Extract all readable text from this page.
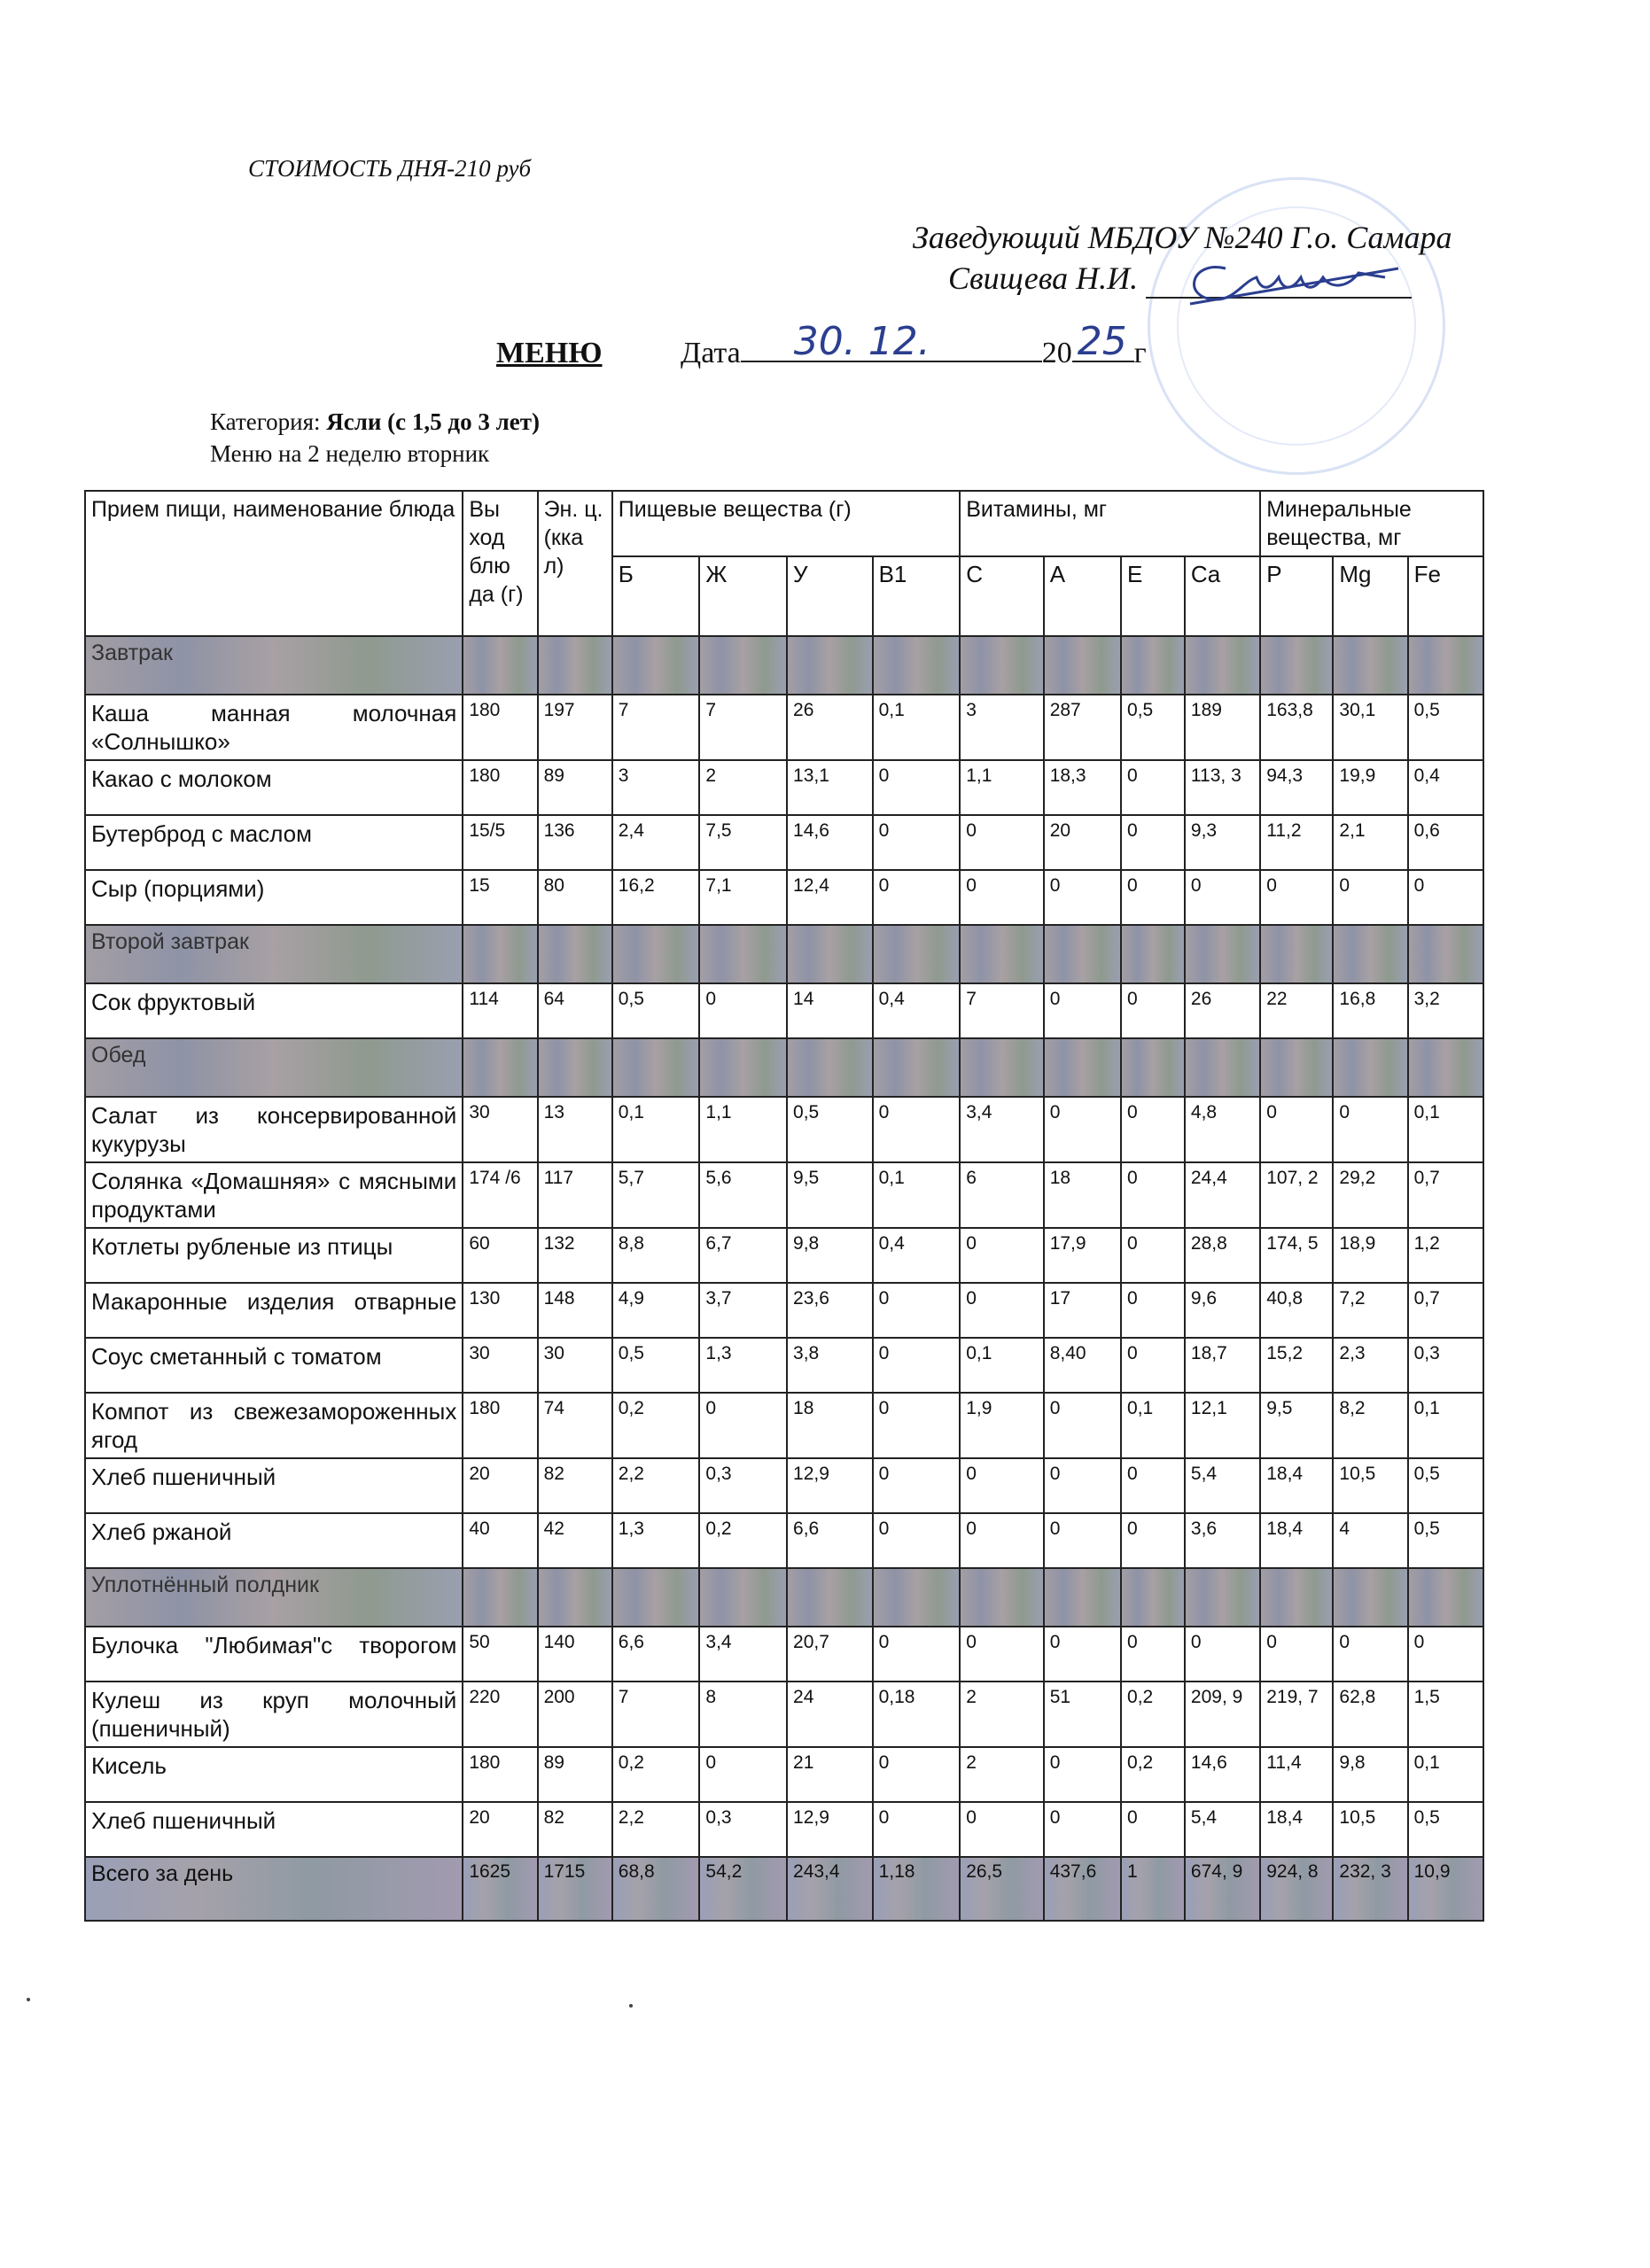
СТОИМОСТЬ ДНЯ-210 руб
Заведующий МБДОУ №240 Г.о. Самара
Свищева Н.И.
МЕНЮ	Дата 30. 12.	20 25 г
Категория: Ясли (с 1,5 до 3 лет)
Меню на 2 неделю вторник
Прием пищи, наименование блюда	Вы ход блю да (г)	Эн. ц. (кка л)	Пищевые вещества (г)				Витамины, мг				Минеральные вещества, мг		
			Б	Ж	У	В1	С	А	Е	Ca	P	Mg	Fe
Завтрак													
Каша манная молочная «Солнышко»	180	197	7	7	26	0,1	3	287	0,5	189	163,8	30,1	0,5
Какао с молоком	180	89	3	2	13,1	0	1,1	18,3	0	113, 3	94,3	19,9	0,4
Бутерброд с маслом	15/5	136	2,4	7,5	14,6	0	0	20	0	9,3	11,2	2,1	0,6
Сыр (порциями)	15	80	16,2	7,1	12,4	0	0	0	0	0	0	0	0
Второй завтрак													
Сок фруктовый	114	64	0,5	0	14	0,4	7	0	0	26	22	16,8	3,2
Обед													
Салат из консервированной кукурузы	30	13	0,1	1,1	0,5	0	3,4	0	0	4,8	0	0	0,1
Солянка «Домашняя» с мясными продуктами	174 /6	117	5,7	5,6	9,5	0,1	6	18	0	24,4	107, 2	29,2	0,7
Котлеты рубленые из птицы	60	132	8,8	6,7	9,8	0,4	0	17,9	0	28,8	174, 5	18,9	1,2
Макаронные изделия отварные	130	148	4,9	3,7	23,6	0	0	17	0	9,6	40,8	7,2	0,7
Соус сметанный с томатом	30	30	0,5	1,3	3,8	0	0,1	8,40	0	18,7	15,2	2,3	0,3
Компот из свежезамороженных ягод	180	74	0,2	0	18	0	1,9	0	0,1	12,1	9,5	8,2	0,1
Хлеб пшеничный	20	82	2,2	0,3	12,9	0	0	0	0	5,4	18,4	10,5	0,5
Хлеб ржаной	40	42	1,3	0,2	6,6	0	0	0	0	3,6	18,4	4	0,5
Уплотнённый полдник													
Булочка "Любимая"с творогом	50	140	6,6	3,4	20,7	0	0	0	0	0	0	0	0
Кулеш из круп молочный (пшеничный)	220	200	7	8	24	0,18	2	51	0,2	209, 9	219, 7	62,8	1,5
Кисель	180	89	0,2	0	21	0	2	0	0,2	14,6	11,4	9,8	0,1
Хлеб пшеничный	20	82	2,2	0,3	12,9	0	0	0	0	5,4	18,4	10,5	0,5
Всего за день	1625	1715	68,8	54,2	243,4	1,18	26,5	437,6	1	674, 9	924, 8	232, 3	10,9
